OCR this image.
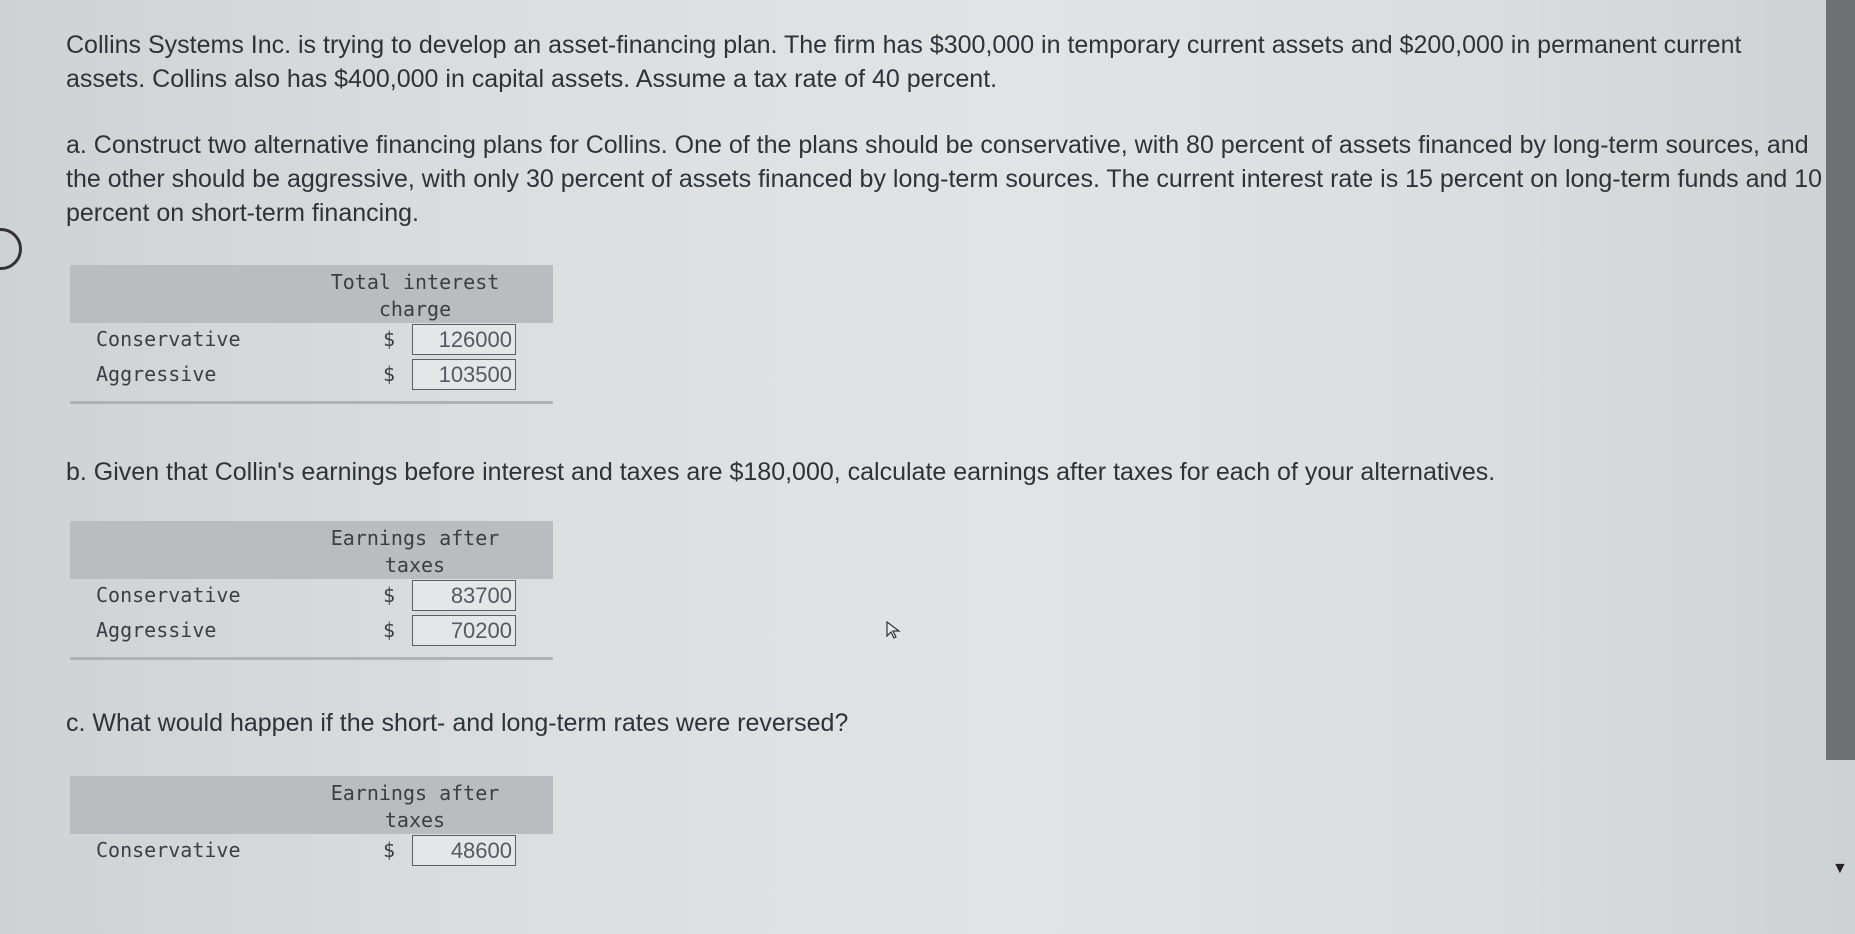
Collins Systems Inc. is trying to develop an asset-financing plan. The firm has $300,000 in temporary current assets and $200,000 in permanent current assets. Collins also has $400,000 in capital assets. Assume a tax rate of 40 percent.
a. Construct two alternative financing plans for Collins. One of the plans should be conservative, with 80 percent of assets financed by long-term sources, and the other should be aggressive, with only 30 percent of assets financed by long-term sources. The current interest rate is 15 percent on long-term funds and 10 percent on short-term financing.
Total interest
charge
Conservative	$	126000
Aggressive	$	103500
b. Given that Collin's earnings before interest and taxes are $180,000, calculate earnings after taxes for each of your alternatives.
Earnings after
taxes
Conservative	$	83700
Aggressive	$	70200
c. What would happen if the short- and long-term rates were reversed?
Earnings after
taxes
Conservative	$	48600
▼
